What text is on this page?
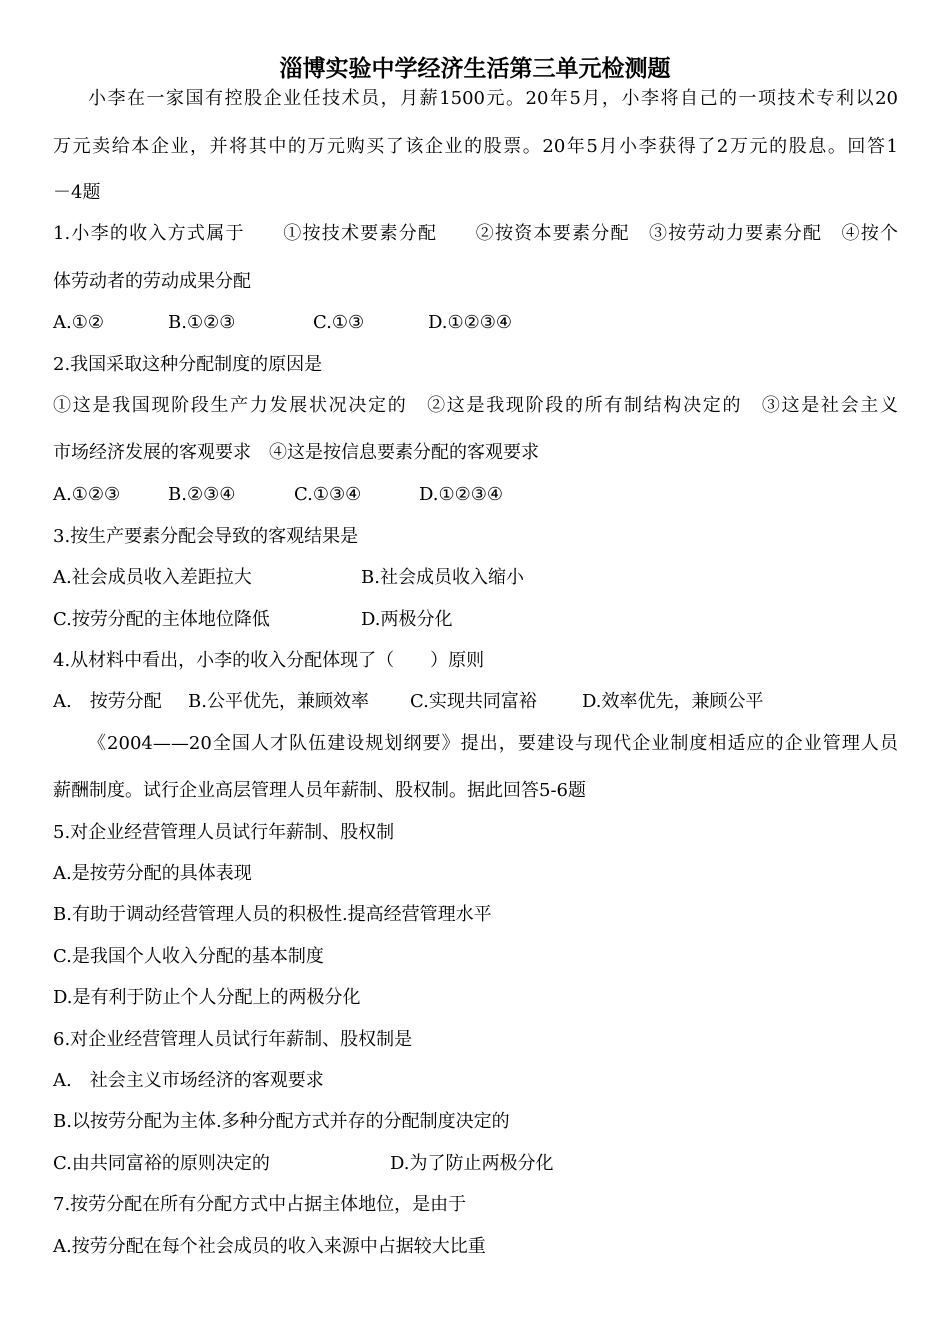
淄博实验中学经济生活第三单元检测题
小李在一家国有控股企业任技术员，月薪1500元。20年5月，小李将自己的一项技术专利以20
万元卖给本企业，并将其中的万元购买了该企业的股票。20年5月小李获得了2万元的股息。回答1
－4题
1.小李的收入方式属于　　①按技术要素分配　　②按资本要素分配　③按劳动力要素分配　④按个
体劳动者的劳动成果分配
A.①②	B.①②③	C.①③	D.①②③④
2.我国采取这种分配制度的原因是
①这是我国现阶段生产力发展状况决定的　②这是我现阶段的所有制结构决定的　③这是社会主义
市场经济发展的客观要求　④这是按信息要素分配的客观要求
A.①②③	B.②③④	C.①③④	D.①②③④
3.按生产要素分配会导致的客观结果是
A.社会成员收入差距拉大	B.社会成员收入缩小
C.按劳分配的主体地位降低	D.两极分化
4.从材料中看出，小李的收入分配体现了（　　）原则
A.　按劳分配 B.公平优先，兼顾效率 C.实现共同富裕	D.效率优先，兼顾公平
《2004——20全国人才队伍建设规划纲要》提出，要建设与现代企业制度相适应的企业管理人员
薪酬制度。试行企业高层管理人员年薪制、股权制。据此回答5-6题
5.对企业经营管理人员试行年薪制、股权制
A.是按劳分配的具体表现
B.有助于调动经营管理人员的积极性.提高经营管理水平
C.是我国个人收入分配的基本制度
D.是有利于防止个人分配上的两极分化
6.对企业经营管理人员试行年薪制、股权制是
A.　社会主义市场经济的客观要求
B.以按劳分配为主体.多种分配方式并存的分配制度决定的
C.由共同富裕的原则决定的	D.为了防止两极分化
7.按劳分配在所有分配方式中占据主体地位，是由于
A.按劳分配在每个社会成员的收入来源中占据较大比重
